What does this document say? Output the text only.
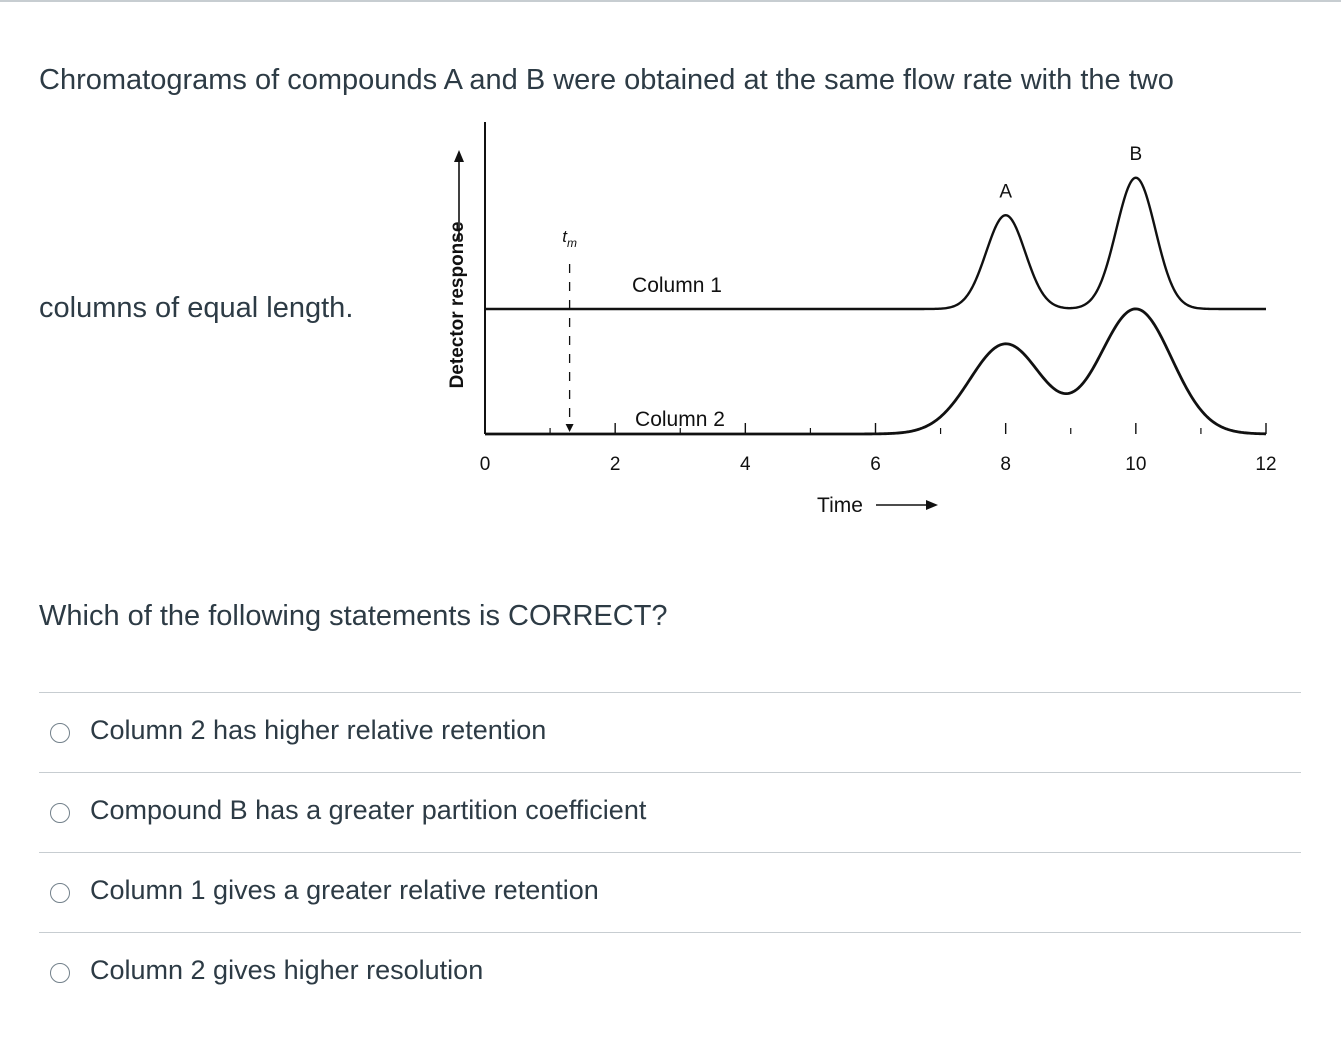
Chromatograms of compounds A and B were obtained at the same flow rate with the two
Detector response	$t_m$
0	2	4	6	8	10	12
Column 1
Column 2
A
B
Time
columns of equal length.
Which of the following statements is CORRECT?
Column 2 has higher relative retention
Compound B has a greater partition coefficient
Column 1 gives a greater relative retention
Column 2 gives higher resolution
